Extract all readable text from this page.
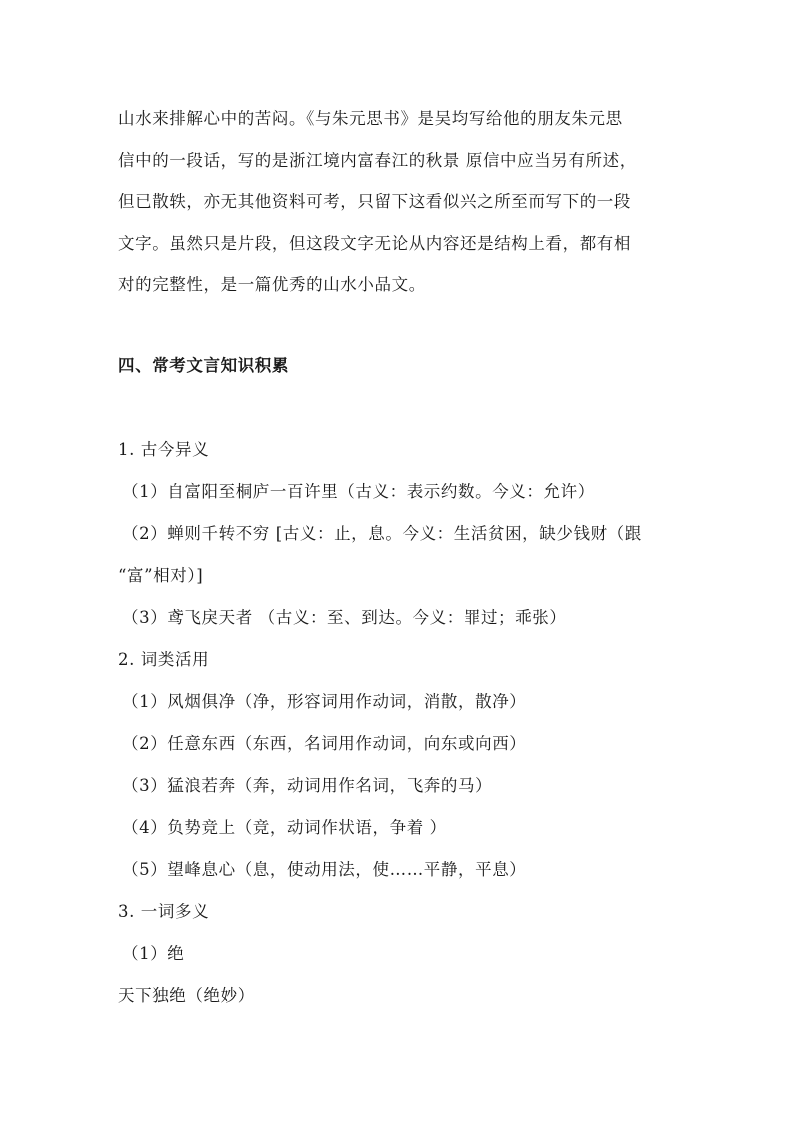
山水来排解心中的苦闷。《与朱元思书》是吴均写给他的朋友朱元思
信中的一段话，写的是浙江境内富春江的秋景 原信中应当另有所述，
但已散轶，亦无其他资料可考，只留下这看似兴之所至而写下的一段
文字。虽然只是片段，但这段文字无论从内容还是结构上看，都有相
对的完整性，是一篇优秀的山水小品文。

四、常考文言知识积累

1. 古今异义

（1）自富阳至桐庐一百许里（古义：表示约数。今义：允许）

（2）蝉则千转不穷 [古义：止，息。今义：生活贫困，缺少钱财（跟

“富”相对）]

（3）鸢飞戾天者 （古义：至、到达。今义：罪过；乖张）

2. 词类活用

（1）风烟俱净（净，形容词用作动词，消散，散净）

（2）任意东西（东西，名词用作动词，向东或向西）

（3）猛浪若奔（奔，动词用作名词，飞奔的马）

（4）负势竞上（竞，动词作状语，争着 ）

（5）望峰息心（息，使动用法，使……平静，平息）

3. 一词多义

（1）绝

天下独绝（绝妙）
